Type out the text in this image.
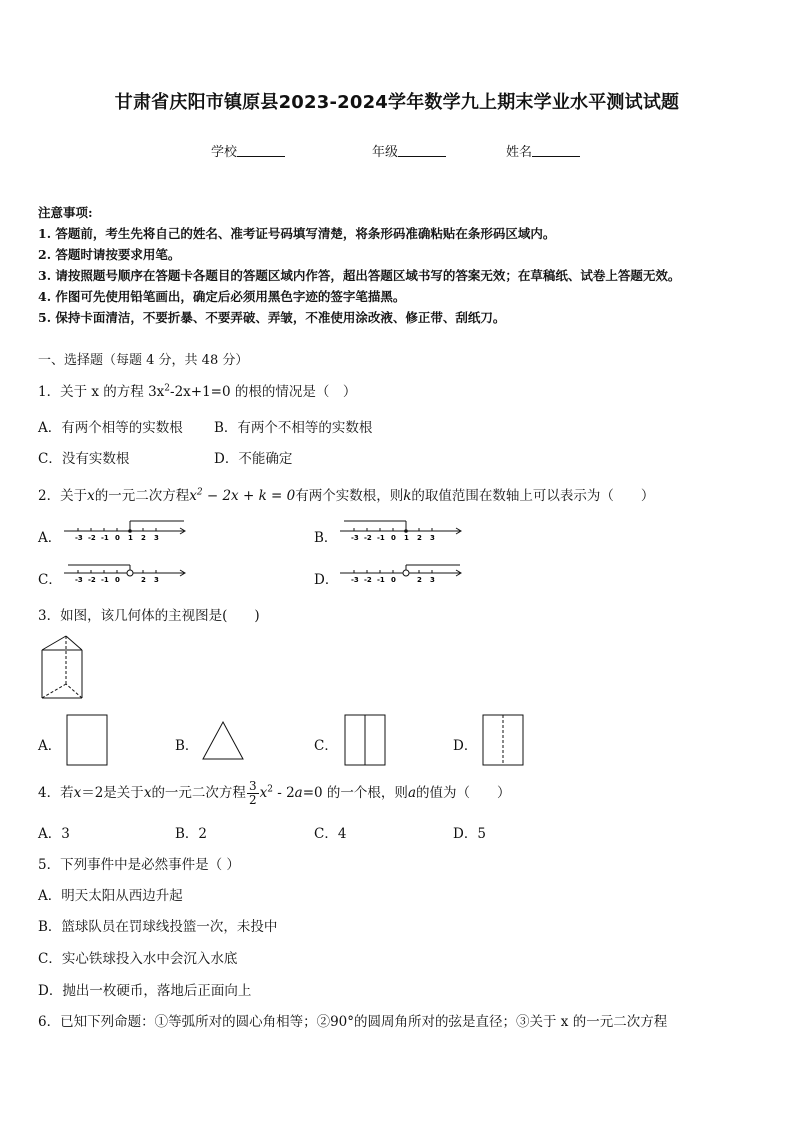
甘肃省庆阳市镇原县2023-2024学年数学九上期末学业水平测试试题
学校	年级	姓名
注意事项:
1. 答题前，考生先将自己的姓名、准考证号码填写清楚，将条形码准确粘贴在条形码区域内。
2. 答题时请按要求用笔。
3. 请按照题号顺序在答题卡各题目的答题区域内作答，超出答题区域书写的答案无效；在草稿纸、试卷上答题无效。
4. 作图可先使用铅笔画出，确定后必须用黑色字迹的签字笔描黑。
5. 保持卡面清洁，不要折暴、不要弄破、弄皱，不准使用涂改液、修正带、刮纸刀。
一、选择题（每题 4 分，共 48 分）
1．关于 x 的方程 $3x^2-2x+1=0$ 的根的情况是（　）
A．有两个相等的实数根 B．有两个不相等的实数根
C．没有实数根	D．不能确定
2．关于x的一元二次方程$x^2 - 2x + k = 0$有两个实数根，则k的取值范围在数轴上可以表示为（　　）
A． -3 -2 -1 0 1 2 3	B． -3 -2 -1 0 1 2 3
C． -3 -2 -1 0	2 3	D． -3 -2 -1 0	2 3
3．如图，该几何体的主视图是(　　)
A．	B．	C．	D．
4．若x＝2是关于x的一元二次方程 $\frac{3}{2} x^2 - 2a=0$ 的一个根，则a的值为（　　）
A．3	B．2	C．4	D．5
5．下列事件中是必然事件是（ ）
A．明天太阳从西边升起
B．篮球队员在罚球线投篮一次，未投中
C．实心铁球投入水中会沉入水底
D．抛出一枚硬币，落地后正面向上
6．已知下列命题：①等弧所对的圆心角相等；②90°的圆周角所对的弦是直径；③关于 x 的一元二次方程
